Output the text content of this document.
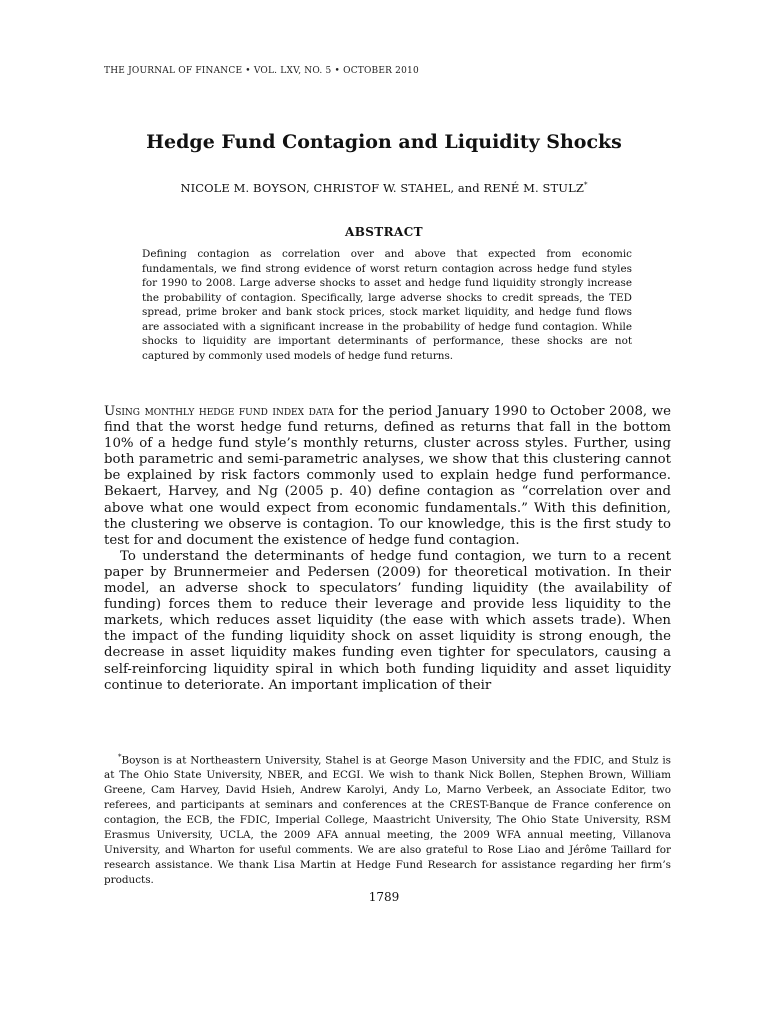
THE JOURNAL OF FINANCE • VOL. LXV, NO. 5 • OCTOBER 2010
Hedge Fund Contagion and Liquidity Shocks
NICOLE M. BOYSON, CHRISTOF W. STAHEL, and RENÉ M. STULZ*
ABSTRACT
Defining contagion as correlation over and above that expected from economic fundamentals, we find strong evidence of worst return contagion across hedge fund styles for 1990 to 2008. Large adverse shocks to asset and hedge fund liquidity strongly increase the probability of contagion. Specifically, large adverse shocks to credit spreads, the TED spread, prime broker and bank stock prices, stock market liquidity, and hedge fund flows are associated with a significant increase in the probability of hedge fund contagion. While shocks to liquidity are important determinants of performance, these shocks are not captured by commonly used models of hedge fund returns.

Using monthly hedge fund index data for the period January 1990 to October 2008, we find that the worst hedge fund returns, defined as returns that fall in the bottom 10% of a hedge fund style’s monthly returns, cluster across styles. Further, using both parametric and semi-parametric analyses, we show that this clustering cannot be explained by risk factors commonly used to explain hedge fund performance. Bekaert, Harvey, and Ng (2005 p. 40) define contagion as “correlation over and above what one would expect from economic fundamentals.” With this definition, the clustering we observe is contagion. To our knowledge, this is the first study to test for and document the existence of hedge fund contagion.

To understand the determinants of hedge fund contagion, we turn to a recent paper by Brunnermeier and Pedersen (2009) for theoretical motivation. In their model, an adverse shock to speculators’ funding liquidity (the availability of funding) forces them to reduce their leverage and provide less liquidity to the markets, which reduces asset liquidity (the ease with which assets trade). When the impact of the funding liquidity shock on asset liquidity is strong enough, the decrease in asset liquidity makes funding even tighter for speculators, causing a self-reinforcing liquidity spiral in which both funding liquidity and asset liquidity continue to deteriorate. An important implication of their

*Boyson is at Northeastern University, Stahel is at George Mason University and the FDIC, and Stulz is at The Ohio State University, NBER, and ECGI. We wish to thank Nick Bollen, Stephen Brown, William Greene, Cam Harvey, David Hsieh, Andrew Karolyi, Andy Lo, Marno Verbeek, an Associate Editor, two referees, and participants at seminars and conferences at the CREST-Banque de France conference on contagion, the ECB, the FDIC, Imperial College, Maastricht University, The Ohio State University, RSM Erasmus University, UCLA, the 2009 AFA annual meeting, the 2009 WFA annual meeting, Villanova University, and Wharton for useful comments. We are also grateful to Rose Liao and Jérôme Taillard for research assistance. We thank Lisa Martin at Hedge Fund Research for assistance regarding her firm’s products.
1789
